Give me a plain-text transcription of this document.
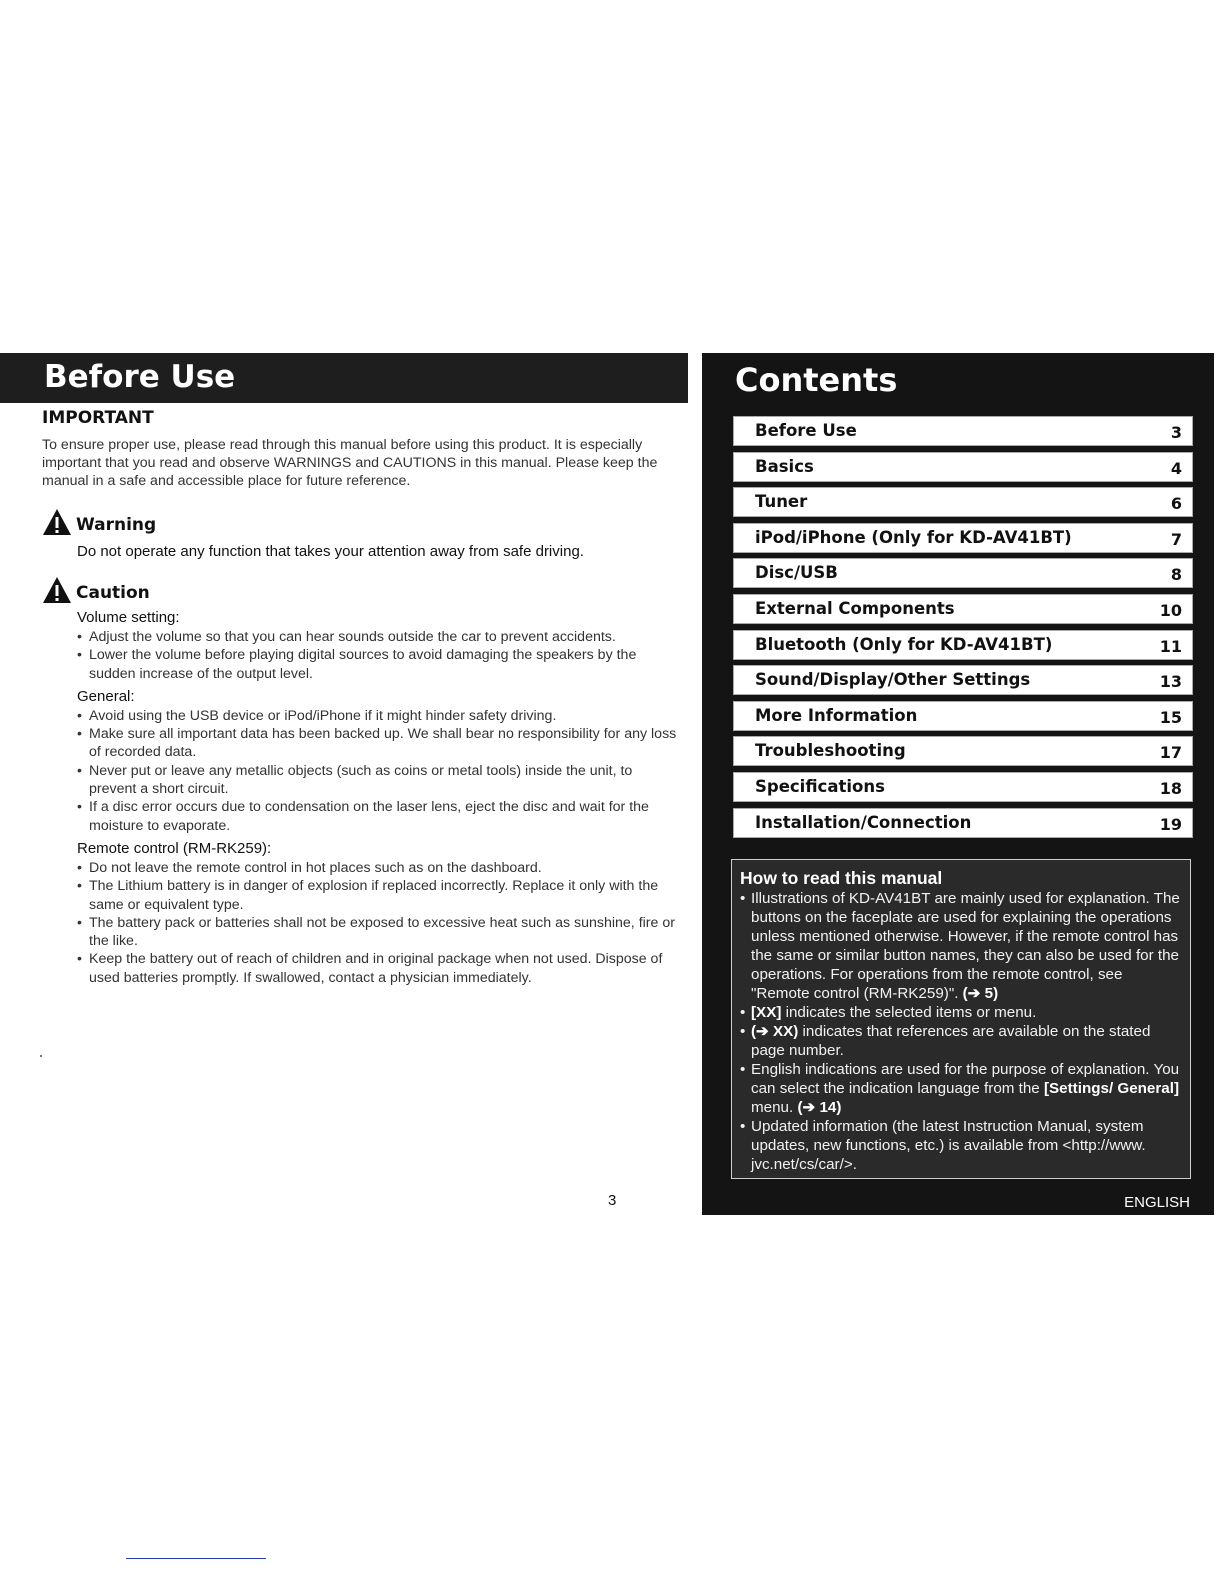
Before Use
IMPORTANT

To ensure proper use, please read through this manual before using this product. It is especially important that you read and observe WARNINGS and CAUTIONS in this manual. Please keep the manual in a safe and accessible place for future reference.

Warning
Do not operate any function that takes your attention away from safe driving.
Caution
Volume setting:
• Adjust the volume so that you can hear sounds outside the car to prevent accidents.
• Lower the volume before playing digital sources to avoid damaging the speakers by the sudden increase of the output level.
General:
• Avoid using the USB device or iPod/iPhone if it might hinder safety driving.
• Make sure all important data has been backed up. We shall bear no responsibility for any loss of recorded data.
• Never put or leave any metallic objects (such as coins or metal tools) inside the unit, to prevent a short circuit.
• If a disc error occurs due to condensation on the laser lens, eject the disc and wait for the moisture to evaporate.
Remote control (RM-RK259):
• Do not leave the remote control in hot places such as on the dashboard.
• The Lithium battery is in danger of explosion if replaced incorrectly. Replace it only with the same or equivalent type.
• The battery pack or batteries shall not be exposed to excessive heat such as sunshine, fire or the like.
• Keep the battery out of reach of children and in original package when not used. Dispose of used batteries promptly. If swallowed, contact a physician immediately.
3
Contents
Before Use	3
Basics	4
Tuner	6
iPod/iPhone (Only for KD-AV41BT)	7
Disc/USB	8
External Components	10
Bluetooth (Only for KD-AV41BT)	11
Sound/Display/Other Settings	13
More Information	15
Troubleshooting	17
Specifications	18
Installation/Connection	19
How to read this manual
• Illustrations of KD-AV41BT are mainly used for explanation. The buttons on the faceplate are used for explaining the operations unless mentioned otherwise. However, if the remote control has the same or similar button names, they can also be used for the operations. For operations from the remote control, see "Remote control (RM-RK259)". (➔ 5)
• [XX] indicates the selected items or menu.
• (➔ XX) indicates that references are available on the stated page number.
• English indications are used for the purpose of explanation. You can select the indication language from the [Settings/ General] menu. (➔ 14)
• Updated information (the latest Instruction Manual, system updates, new functions, etc.) is available from <http://www. jvc.net/cs/car/>.
ENGLISH
